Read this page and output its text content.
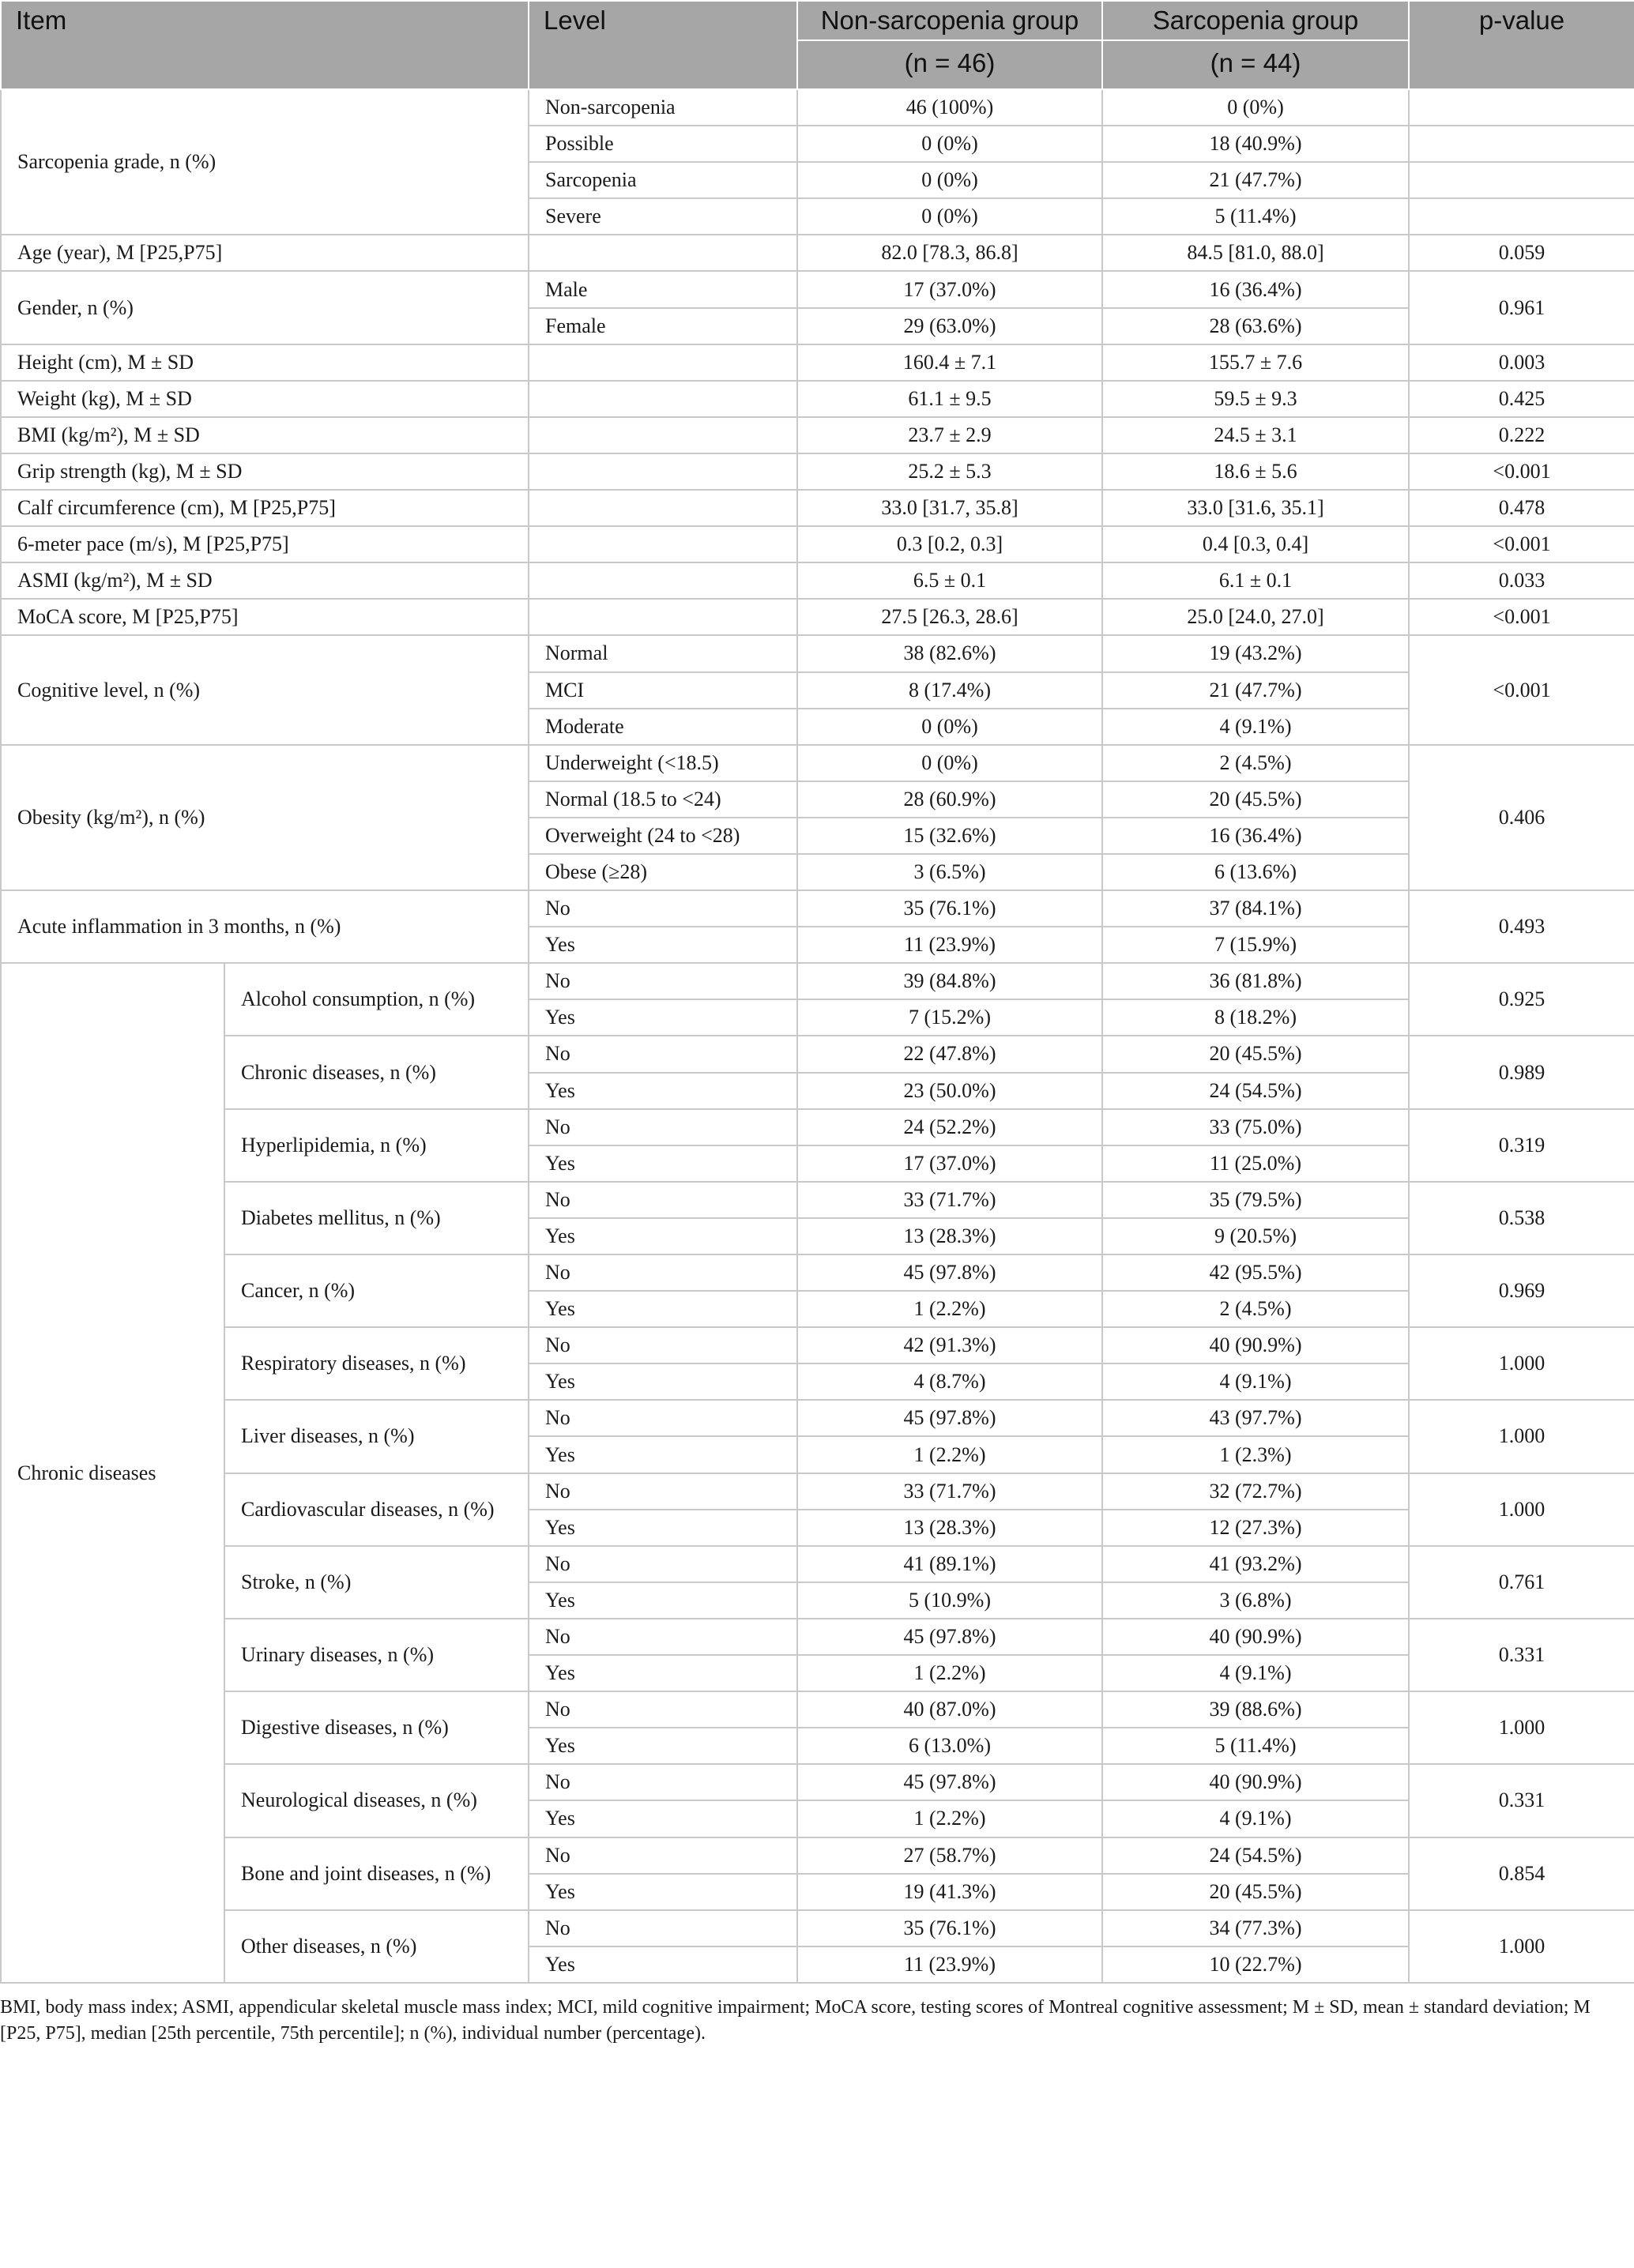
Item		Level	Non-sarcopenia group	Sarcopenia group	p-value
			(n = 46)	(n = 44)	
Sarcopenia grade, n (%)		Non-sarcopenia	46 (100%)	0 (0%)	
		Possible	0 (0%)	18 (40.9%)	
		Sarcopenia	0 (0%)	21 (47.7%)	
		Severe	0 (0%)	5 (11.4%)	
Age (year), M [P25,P75]			82.0 [78.3, 86.8]	84.5 [81.0, 88.0]	0.059
Gender, n (%)		Male	17 (37.0%)	16 (36.4%)	0.961
		Female	29 (63.0%)	28 (63.6%)	
Height (cm), M ± SD			160.4 ± 7.1	155.7 ± 7.6	0.003
Weight (kg), M ± SD			61.1 ± 9.5	59.5 ± 9.3	0.425
BMI (kg/m²), M ± SD			23.7 ± 2.9	24.5 ± 3.1	0.222
Grip strength (kg), M ± SD			25.2 ± 5.3	18.6 ± 5.6	<0.001
Calf circumference (cm), M [P25,P75]			33.0 [31.7, 35.8]	33.0 [31.6, 35.1]	0.478
6-meter pace (m/s), M [P25,P75]			0.3 [0.2, 0.3]	0.4 [0.3, 0.4]	<0.001
ASMI (kg/m²), M ± SD			6.5 ± 0.1	6.1 ± 0.1	0.033
MoCA score, M [P25,P75]			27.5 [26.3, 28.6]	25.0 [24.0, 27.0]	<0.001
Cognitive level, n (%)		Normal	38 (82.6%)	19 (43.2%)	<0.001
		MCI	8 (17.4%)	21 (47.7%)	
		Moderate	0 (0%)	4 (9.1%)	
Obesity (kg/m²), n (%)		Underweight (<18.5)	0 (0%)	2 (4.5%)	0.406
		Normal (18.5 to <24)	28 (60.9%)	20 (45.5%)	
		Overweight (24 to <28)	15 (32.6%)	16 (36.4%)	
		Obese (≥28)	3 (6.5%)	6 (13.6%)	
Acute inflammation in 3 months, n (%)		No	35 (76.1%)	37 (84.1%)	0.493
		Yes	11 (23.9%)	7 (15.9%)	
Chronic diseases	Alcohol consumption, n (%)	No	39 (84.8%)	36 (81.8%)	0.925
		Yes	7 (15.2%)	8 (18.2%)	
	Chronic diseases, n (%)	No	22 (47.8%)	20 (45.5%)	0.989
		Yes	23 (50.0%)	24 (54.5%)	
	Hyperlipidemia, n (%)	No	24 (52.2%)	33 (75.0%)	0.319
		Yes	17 (37.0%)	11 (25.0%)	
	Diabetes mellitus, n (%)	No	33 (71.7%)	35 (79.5%)	0.538
		Yes	13 (28.3%)	9 (20.5%)	
	Cancer, n (%)	No	45 (97.8%)	42 (95.5%)	0.969
		Yes	1 (2.2%)	2 (4.5%)	
	Respiratory diseases, n (%)	No	42 (91.3%)	40 (90.9%)	1.000
		Yes	4 (8.7%)	4 (9.1%)	
	Liver diseases, n (%)	No	45 (97.8%)	43 (97.7%)	1.000
		Yes	1 (2.2%)	1 (2.3%)	
	Cardiovascular diseases, n (%)	No	33 (71.7%)	32 (72.7%)	1.000
		Yes	13 (28.3%)	12 (27.3%)	
	Stroke, n (%)	No	41 (89.1%)	41 (93.2%)	0.761
		Yes	5 (10.9%)	3 (6.8%)	
	Urinary diseases, n (%)	No	45 (97.8%)	40 (90.9%)	0.331
		Yes	1 (2.2%)	4 (9.1%)	
	Digestive diseases, n (%)	No	40 (87.0%)	39 (88.6%)	1.000
		Yes	6 (13.0%)	5 (11.4%)	
	Neurological diseases, n (%)	No	45 (97.8%)	40 (90.9%)	0.331
		Yes	1 (2.2%)	4 (9.1%)	
	Bone and joint diseases, n (%)	No	27 (58.7%)	24 (54.5%)	0.854
		Yes	19 (41.3%)	20 (45.5%)	
	Other diseases, n (%)	No	35 (76.1%)	34 (77.3%)	1.000
		Yes	11 (23.9%)	10 (22.7%)	
BMI, body mass index; ASMI, appendicular skeletal muscle mass index; MCI, mild cognitive impairment; MoCA score, testing scores of Montreal cognitive assessment; M ± SD, mean ± standard deviation; M [P25, P75], median [25th percentile, 75th percentile]; n (%), individual number (percentage).
